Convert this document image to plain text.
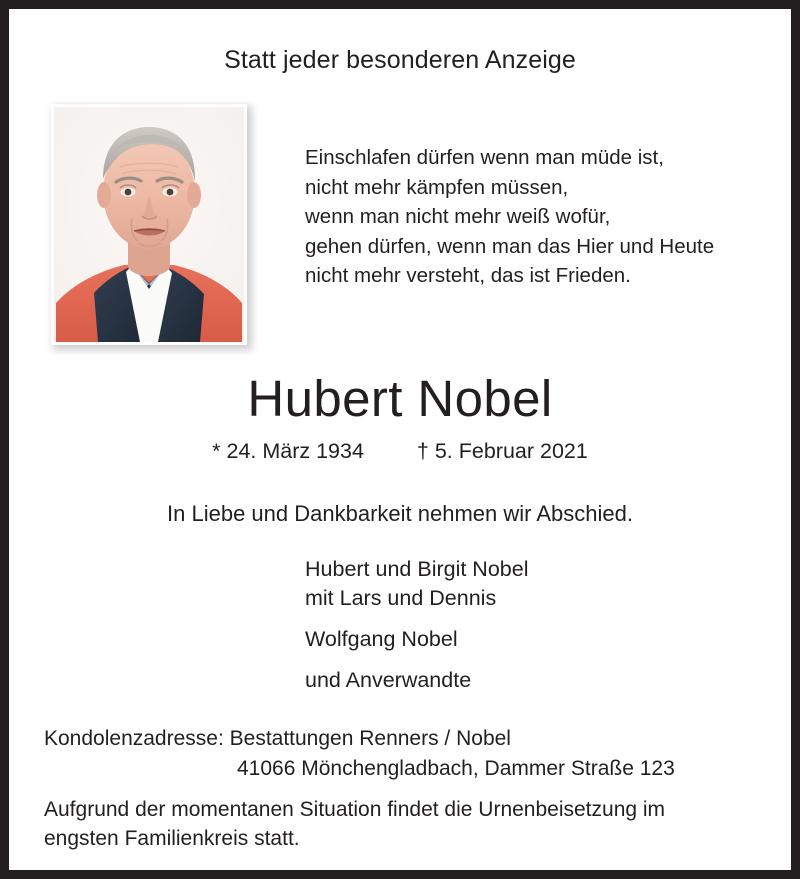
Statt jeder besonderen Anzeige
Einschlafen dürfen wenn man müde ist,
nicht mehr kämpfen müssen,
wenn man nicht mehr weiß wofür,
gehen dürfen, wenn man das Hier und Heute
nicht mehr versteht, das ist Frieden.
Hubert Nobel
* 24. März 1934 † 5. Februar 2021
In Liebe und Dankbarkeit nehmen wir Abschied.
Hubert und Birgit Nobel
mit Lars und Dennis
Wolfgang Nobel
und Anverwandte
Kondolenzadresse: Bestattungen Renners / Nobel
41066 Mönchengladbach, Dammer Straße 123
Aufgrund der momentanen Situation findet die Urnenbeisetzung im
engsten Familienkreis statt.
